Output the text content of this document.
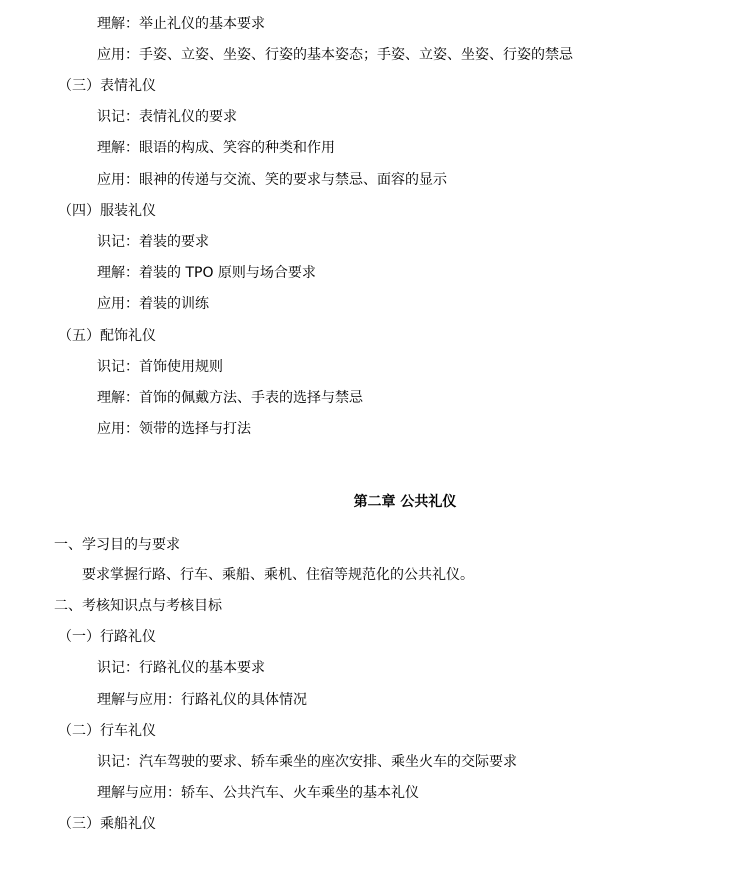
理解：举止礼仪的基本要求
应用：手姿、立姿、坐姿、行姿的基本姿态；手姿、立姿、坐姿、行姿的禁忌
（三）表情礼仪
识记：表情礼仪的要求
理解：眼语的构成、笑容的种类和作用
应用：眼神的传递与交流、笑的要求与禁忌、面容的显示
（四）服装礼仪
识记：着装的要求
理解：着装的 TPO 原则与场合要求
应用：着装的训练
（五）配饰礼仪
识记：首饰使用规则
理解：首饰的佩戴方法、手表的选择与禁忌
应用：领带的选择与打法
第二章 公共礼仪
一、学习目的与要求
要求掌握行路、行车、乘船、乘机、住宿等规范化的公共礼仪。
二、考核知识点与考核目标
（一）行路礼仪
识记：行路礼仪的基本要求
理解与应用：行路礼仪的具体情况
（二）行车礼仪
识记：汽车驾驶的要求、轿车乘坐的座次安排、乘坐火车的交际要求
理解与应用：轿车、公共汽车、火车乘坐的基本礼仪
（三）乘船礼仪
